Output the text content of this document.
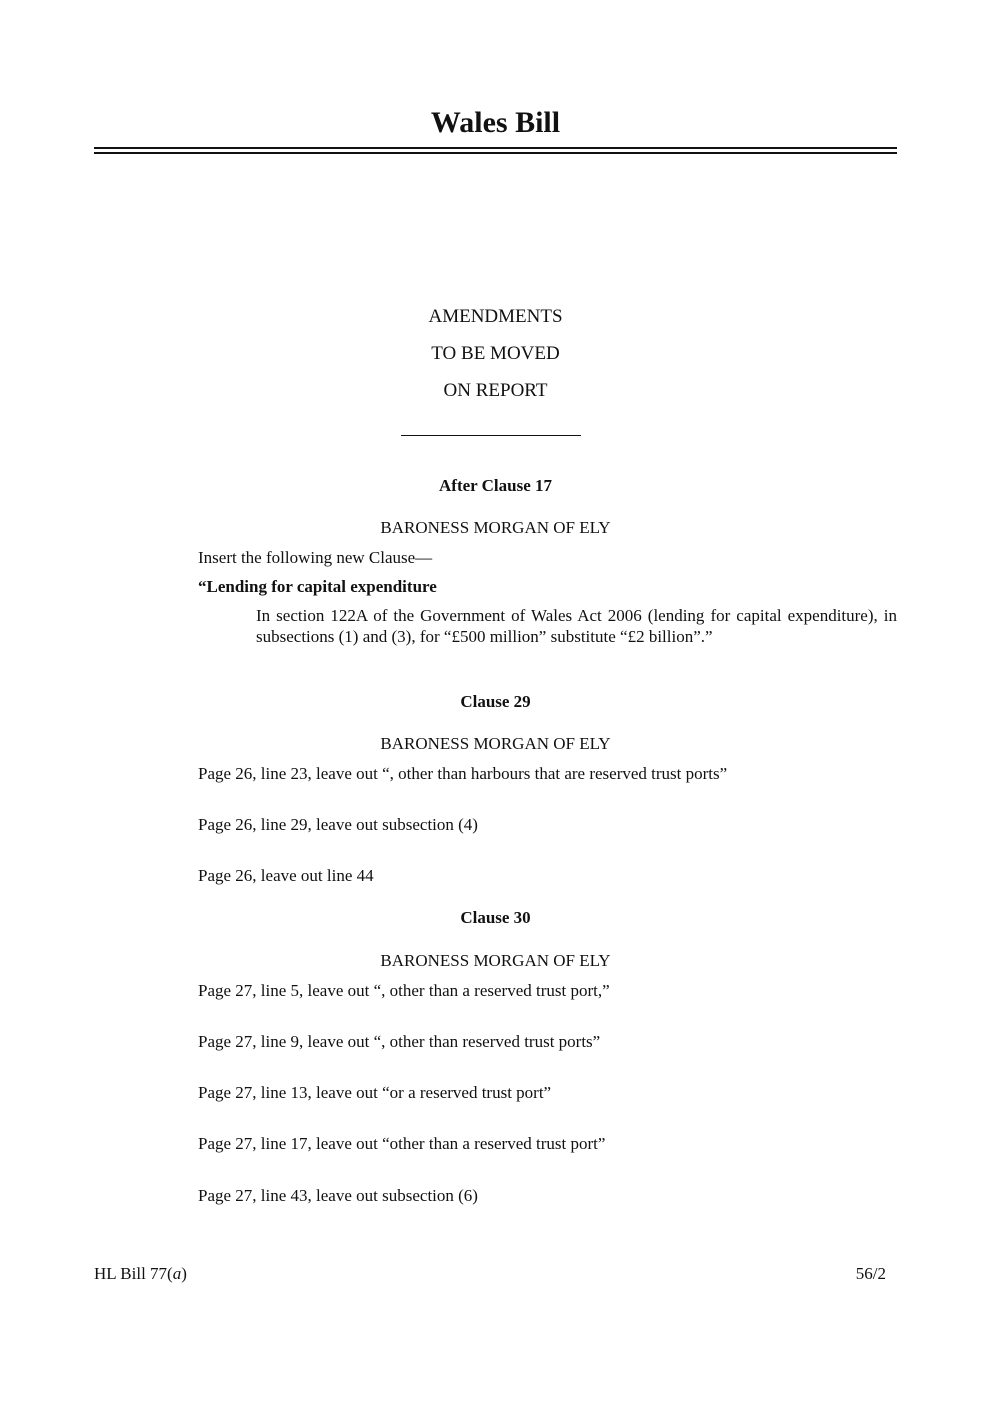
Wales Bill
AMENDMENTS
TO BE MOVED
ON REPORT
After Clause 17
BARONESS MORGAN OF ELY
Insert the following new Clause—
“Lending for capital expenditure
In section 122A of the Government of Wales Act 2006 (lending for capital expenditure), in subsections (1) and (3), for “£500 million” substitute “£2 billion”.”
Clause 29
BARONESS MORGAN OF ELY
Page 26, line 23, leave out “, other than harbours that are reserved trust ports”
Page 26, line 29, leave out subsection (4)
Page 26, leave out line 44
Clause 30
BARONESS MORGAN OF ELY
Page 27, line 5, leave out “, other than a reserved trust port,”
Page 27, line 9, leave out “, other than reserved trust ports”
Page 27, line 13, leave out “or a reserved trust port”
Page 27, line 17, leave out “other than a reserved trust port”
Page 27, line 43, leave out subsection (6)
HL Bill 77(a)	56/2
